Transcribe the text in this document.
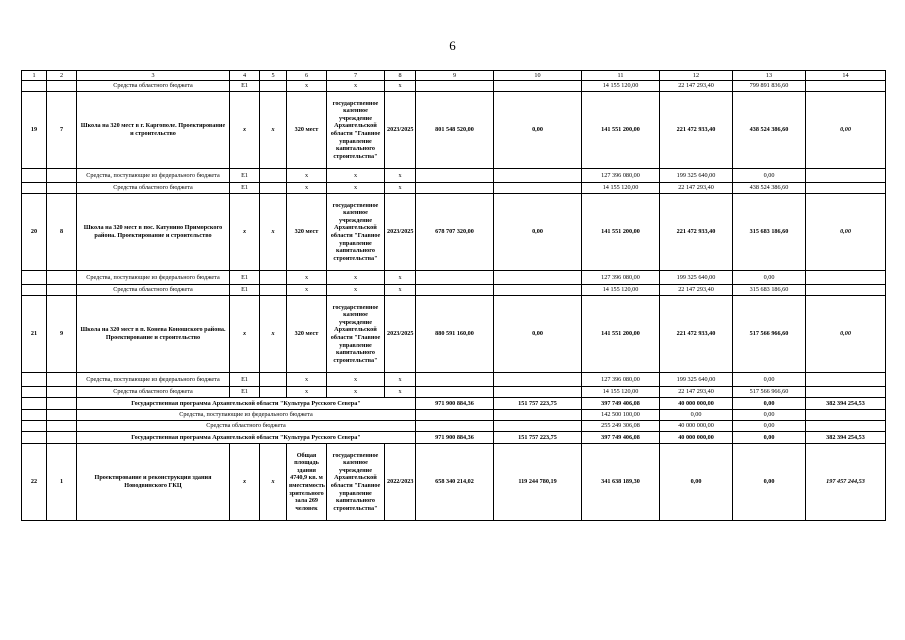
6
1	2	3	4	5	6	7	8	9	10	11	12	13	14
		Средства областного бюджета	E1		x	x	x			14 155 120,00	22 147 293,40	799 891 836,60	
19	7	Школа на 320 мест в г. Каргополе. Проектирование и строительство	x	x	320 мест	государственное казенное учреждение Архангельской области "Главное управление капитального строительства"	2023/2025	801 548 520,00	0,00	141 551 200,00	221 472 933,40	438 524 386,60	0,00
		Средства, поступающие из федерального бюджета	E1		x	x	x			127 396 080,00	199 325 640,00	0,00	
		Средства областного бюджета	E1		x	x	x			14 155 120,00	22 147 293,40	438 524 386,60	
20	8	Школа на 320 мест в пос. Катунино Приморского района. Проектирование и строительство	x	x	320 мест	государственное казенное учреждение Архангельской области "Главное управление капитального строительства"	2023/2025	678 707 320,00	0,00	141 551 200,00	221 472 933,40	315 683 186,60	0,00
		Средства, поступающие из федерального бюджета	E1		x	x	x			127 396 080,00	199 325 640,00	0,00	
		Средства областного бюджета	E1		x	x	x			14 155 120,00	22 147 293,40	315 683 186,60	
21	9	Школа на 320 мест в п. Конева Коношского района. Проектирование и строительство	x	x	320 мест	государственное казенное учреждение Архангельской области "Главное управление капитального строительства"	2023/2025	880 591 160,00	0,00	141 551 200,00	221 472 933,40	517 566 966,60	0,00
		Средства, поступающие из федерального бюджета	E1		x	x	x			127 396 080,00	199 325 640,00	0,00	
		Средства областного бюджета	E1		x	x	x			14 155 120,00	22 147 293,40	517 566 966,60	
		Государственная программа Архангельской области "Культура Русского Севера"						971 900 884,36	151 757 223,75	397 749 406,08	40 000 000,00	0,00	382 394 254,53
		Средства, поступающие из федерального бюджета								142 500 100,00	0,00	0,00	
		Средства областного бюджета								255 249 306,08	40 000 000,00	0,00	
		Государственная программа Архангельской области "Культура Русского Севера"						971 900 884,36	151 757 223,75	397 749 406,08	40 000 000,00	0,00	382 394 254,53
22	1	Проектирование и реконструкция здания Новодвинского ГКЦ	x	x	Общая площадь здания 4740,9 кв. м вместимость зрительного зала 269 человек	государственное казенное учреждение Архангельской области "Главное управление капитального строительства"	2022/2023	658 340 214,02	119 244 780,19	341 638 189,30	0,00	0,00	197 457 244,53
